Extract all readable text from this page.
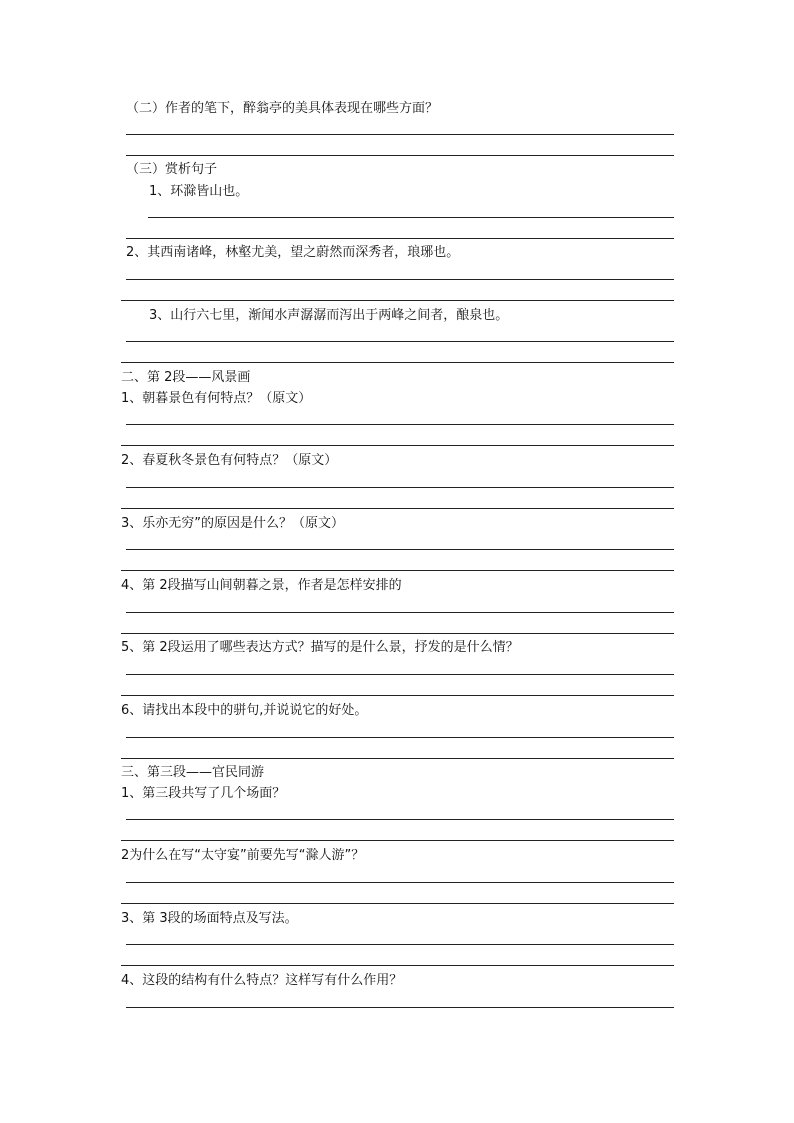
（二）作者的笔下，醉翁亭的美具体表现在哪些方面？
（三）赏析句子
1、环滁皆山也。
2、其西南诸峰，林壑尤美，望之蔚然而深秀者，琅琊也。
3、山行六七里，渐闻水声潺潺而泻出于两峰之间者，酿泉也。
二、第 2段——风景画
1、朝暮景色有何特点？（原文）
2、春夏秋冬景色有何特点？（原文）
3、乐亦无穷”的原因是什么？（原文）
4、第 2段描写山间朝暮之景，作者是怎样安排的
5、第 2段运用了哪些表达方式？描写的是什么景，抒发的是什么情？
6、请找出本段中的骈句,并说说它的好处。
三、第三段——官民同游
1、第三段共写了几个场面？
2为什么在写“太守宴”前要先写“滁人游”？
3、第 3段的场面特点及写法。
4、这段的结构有什么特点？这样写有什么作用？
